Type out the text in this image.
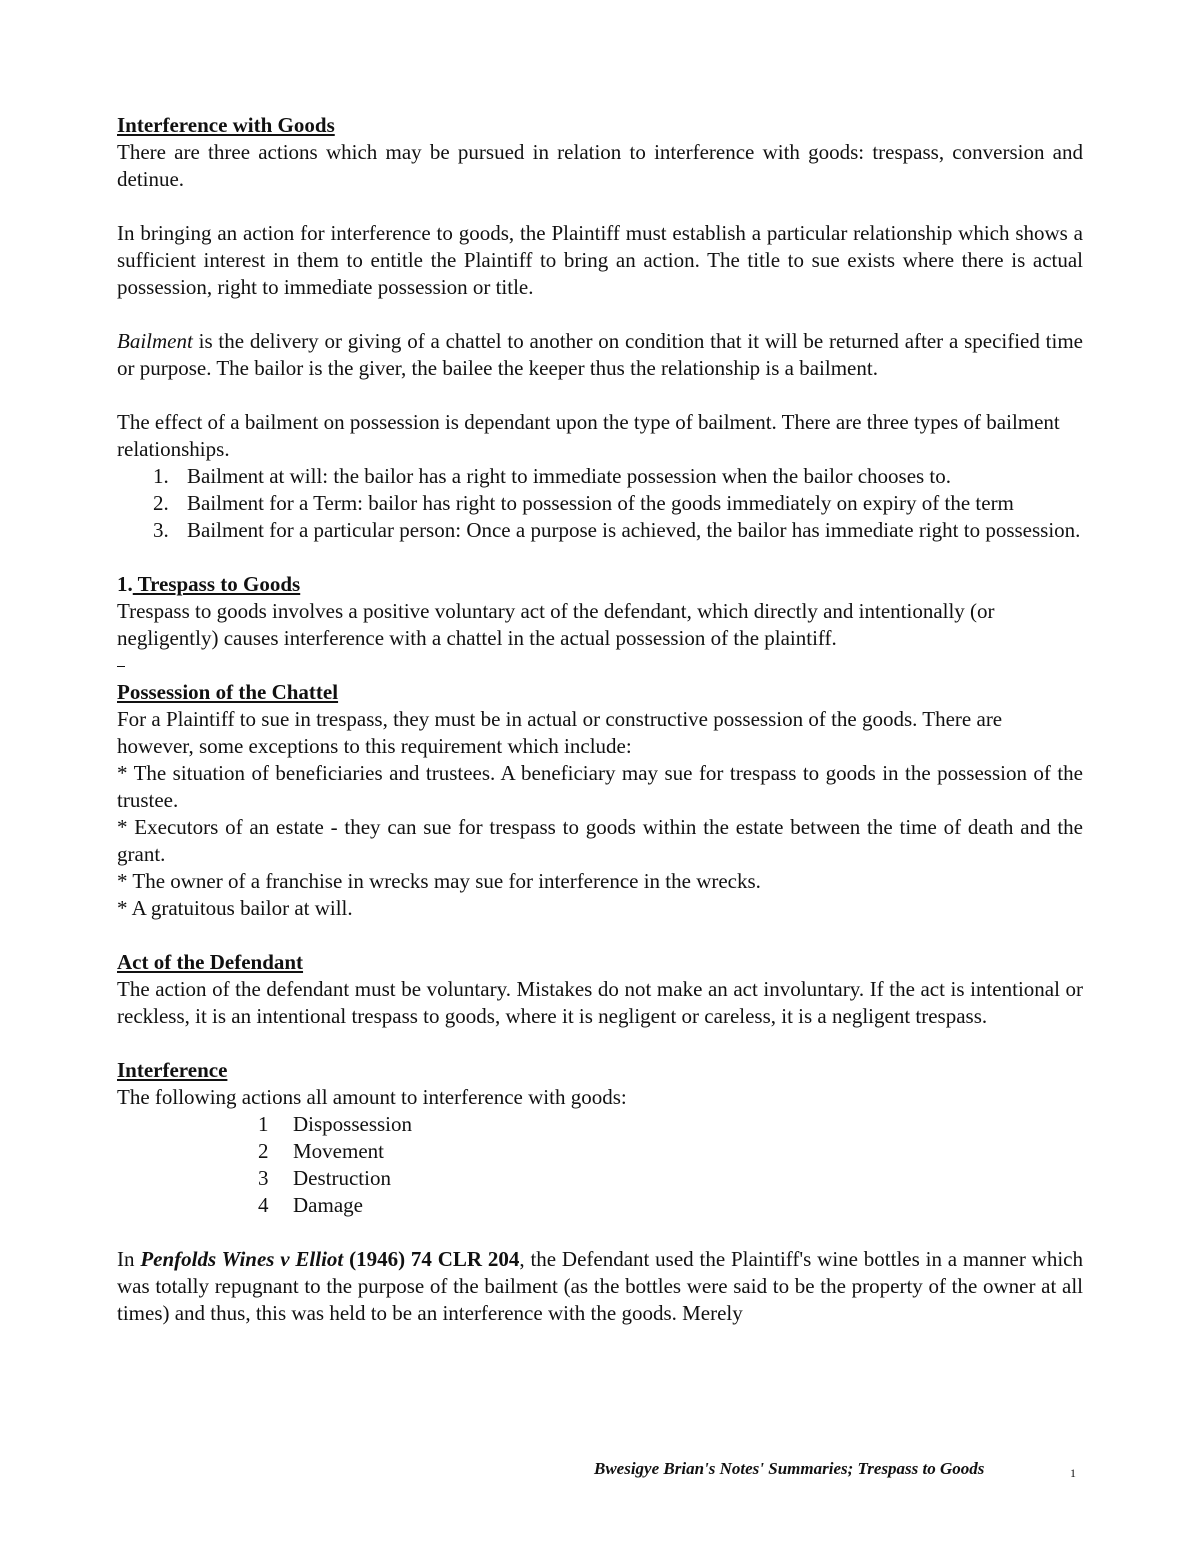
Interference with Goods

There are three actions which may be pursued in relation to interference with goods: trespass, conversion and detinue.

In bringing an action for interference to goods, the Plaintiff must establish a particular relationship which shows a sufficient interest in them to entitle the Plaintiff to bring an action. The title to sue exists where there is actual possession, right to immediate possession or title.

Bailment is the delivery or giving of a chattel to another on condition that it will be returned after a specified time or purpose. The bailor is the giver, the bailee the keeper thus the relationship is a bailment.

The effect of a bailment on possession is dependant upon the type of bailment. There are three types of bailment relationships.

1. Bailment at will: the bailor has a right to immediate possession when the bailor chooses to.
2. Bailment for a Term: bailor has right to possession of the goods immediately on expiry of the term
3. Bailment for a particular person: Once a purpose is achieved, the bailor has immediate right to possession.

1. Trespass to Goods

Trespass to goods involves a positive voluntary act of the defendant, which directly and intentionally (or negligently) causes interference with a chattel in the actual possession of the plaintiff.

Possession of the Chattel

For a Plaintiff to sue in trespass, they must be in actual or constructive possession of the goods. There are however, some exceptions to this requirement which include:

* The situation of beneficiaries and trustees. A beneficiary may sue for trespass to goods in the possession of the trustee.

* Executors of an estate - they can sue for trespass to goods within the estate between the time of death and the grant.

* The owner of a franchise in wrecks may sue for interference in the wrecks.

* A gratuitous bailor at will.

Act of the Defendant

The action of the defendant must be voluntary. Mistakes do not make an act involuntary. If the act is intentional or reckless, it is an intentional trespass to goods, where it is negligent or careless, it is a negligent trespass.

Interference

The following actions all amount to interference with goods:

1 Dispossession
2 Movement
3 Destruction
4 Damage

In Penfolds Wines v Elliot (1946) 74 CLR 204, the Defendant used the Plaintiff's wine bottles in a manner which was totally repugnant to the purpose of the bailment (as the bottles were said to be the property of the owner at all times) and thus, this was held to be an interference with the goods. Merely

Bwesigye Brian's Notes' Summaries; Trespass to Goods	1
